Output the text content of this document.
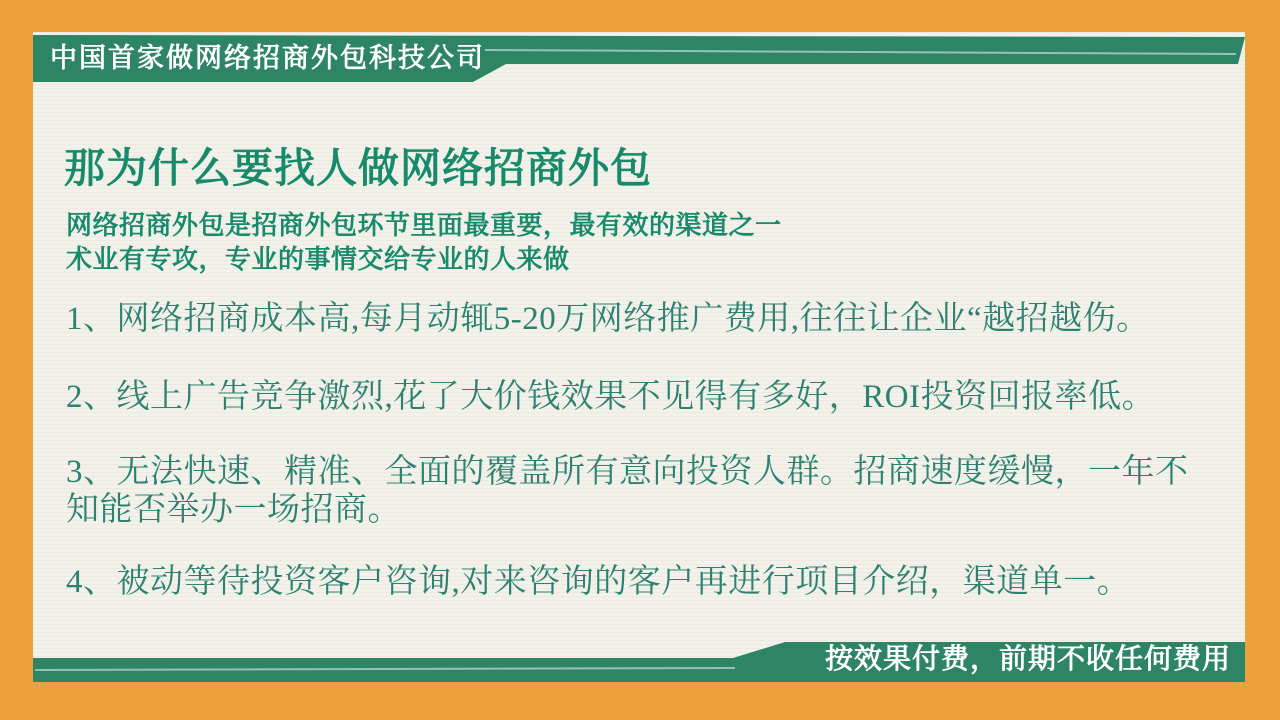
中国首家做网络招商外包科技公司
那为什么要找人做网络招商外包
网络招商外包是招商外包环节里面最重要，最有效的渠道之一
术业有专攻，专业的事情交给专业的人来做

1、网络招商成本高,每月动辄5-20万网络推广费用,往往让企业“越招越伤。

2、线上广告竞争激烈,花了大价钱效果不见得有多好，ROI投资回报率低。

3、无法快速、精准、全面的覆盖所有意向投资人群。招商速度缓慢，一年不知能否举办一场招商。

4、被动等待投资客户咨询,对来咨询的客户再进行项目介绍，渠道单一。

按效果付费，前期不收任何费用
